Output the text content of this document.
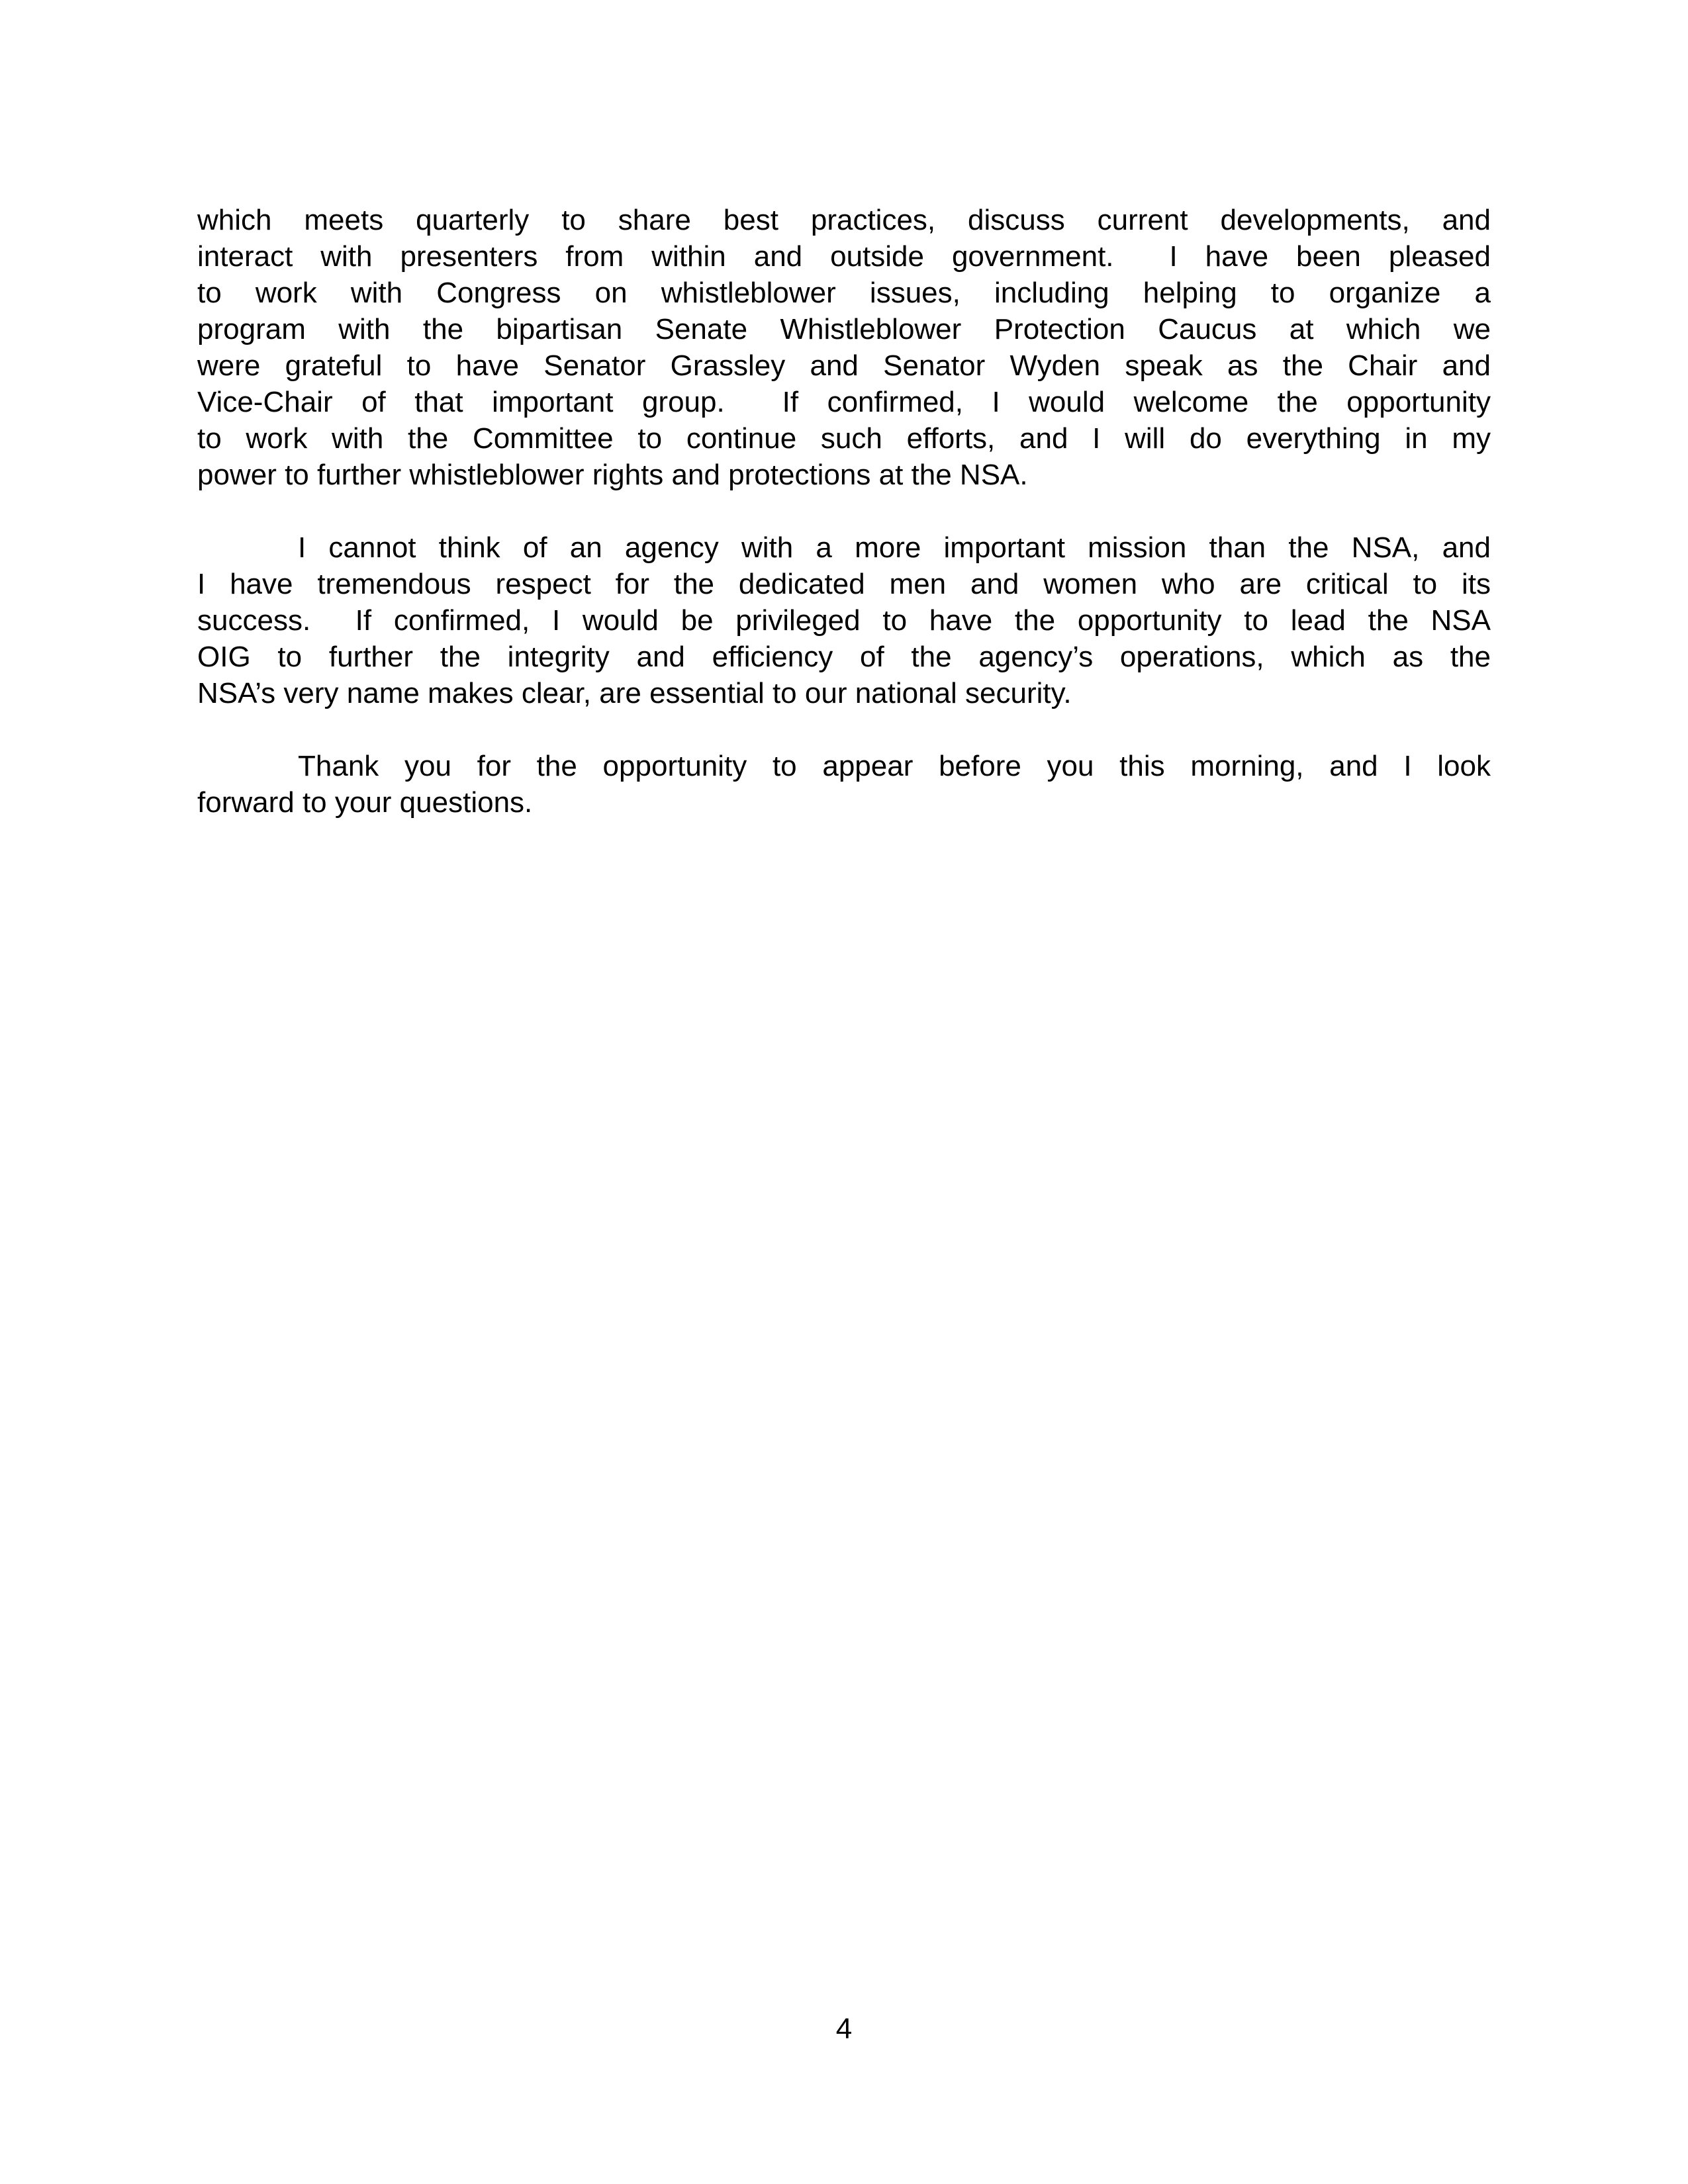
which meets quarterly to share best practices, discuss current developments, and
interact with presenters from within and outside government.  I have been pleased
to work with Congress on whistleblower issues, including helping to organize a
program with the bipartisan Senate Whistleblower Protection Caucus at which we
were grateful to have Senator Grassley and Senator Wyden speak as the Chair and
Vice-Chair of that important group.  If confirmed, I would welcome the opportunity
to work with the Committee to continue such efforts, and I will do everything in my
power to further whistleblower rights and protections at the NSA.
I cannot think of an agency with a more important mission than the NSA, and
I have tremendous respect for the dedicated men and women who are critical to its
success.  If confirmed, I would be privileged to have the opportunity to lead the NSA
OIG to further the integrity and efficiency of the agency’s operations, which as the
NSA’s very name makes clear, are essential to our national security.
Thank you for the opportunity to appear before you this morning, and I look
forward to your questions.
4
